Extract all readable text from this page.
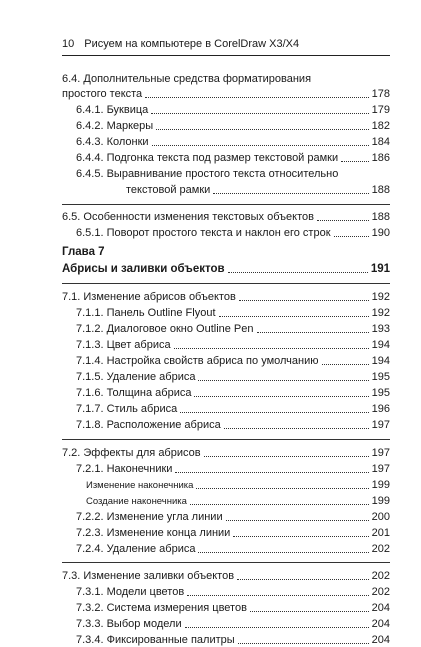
10 Рисуем на компьютере в CorelDraw X3/X4
6.4. Дополнительные средства форматирования
простого текста	178
6.4.1. Буквица	179
6.4.2. Маркеры	182
6.4.3. Колонки	184
6.4.4. Подгонка текста под размер текстовой рамки	186
6.4.5. Выравнивание простого текста относительно
текстовой рамки	188
6.5. Особенности изменения текстовых объектов	188
6.5.1. Поворот простого текста и наклон его строк	190
Глава 7
Абрисы и заливки объектов	191
7.1. Изменение абрисов объектов	192
7.1.1. Панель Outline Flyout	192
7.1.2. Диалоговое окно Outline Pen	193
7.1.3. Цвет абриса	194
7.1.4. Настройка свойств абриса по умолчанию	194
7.1.5. Удаление абриса	195
7.1.6. Толщина абриса	195
7.1.7. Стиль абриса	196
7.1.8. Расположение абриса	197
7.2. Эффекты для абрисов	197
7.2.1. Наконечники	197
Изменение наконечника	199
Создание наконечника	199
7.2.2. Изменение угла линии	200
7.2.3. Изменение конца линии	201
7.2.4. Удаление абриса	202
7.3. Изменение заливки объектов	202
7.3.1. Модели цветов	202
7.3.2. Система измерения цветов	204
7.3.3. Выбор модели	204
7.3.4. Фиксированные палитры	204
